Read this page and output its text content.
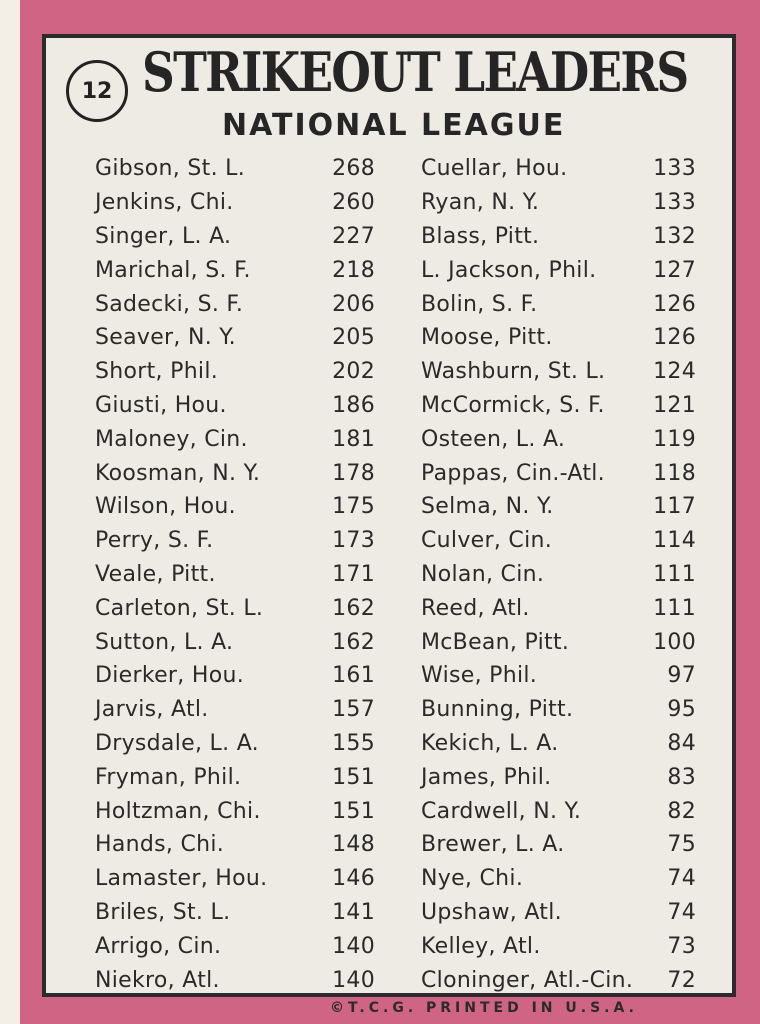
12 STRIKEOUT LEADERS
NATIONAL LEAGUE
Gibson, St. L.	268
Jenkins, Chi.	260
Singer, L. A.	227
Marichal, S. F.	218
Sadecki, S. F.	206
Seaver, N. Y.	205
Short, Phil.	202
Giusti, Hou.	186
Maloney, Cin.	181
Koosman, N. Y.	178
Wilson, Hou.	175
Perry, S. F.	173
Veale, Pitt.	171
Carleton, St. L.	162
Sutton, L. A.	162
Dierker, Hou.	161
Jarvis, Atl.	157
Drysdale, L. A.	155
Fryman, Phil.	151
Holtzman, Chi.	151
Hands, Chi.	148
Lamaster, Hou.	146
Briles, St. L.	141
Arrigo, Cin.	140
Niekro, Atl.	140
Cuellar, Hou.	133
Ryan, N. Y.	133
Blass, Pitt.	132
L. Jackson, Phil.	127
Bolin, S. F.	126
Moose, Pitt.	126
Washburn, St. L. 124
McCormick, S. F. 121
Osteen, L. A.	119
Pappas, Cin.-Atl. 118
Selma, N. Y.	117
Culver, Cin.	114
Nolan, Cin.	111
Reed, Atl.	111
McBean, Pitt.	100
Wise, Phil.	97
Bunning, Pitt.	95
Kekich, L. A.	84
James, Phil.	83
Cardwell, N. Y.	82
Brewer, L. A.	75
Nye, Chi.	74
Upshaw, Atl.	74
Kelley, Atl.	73
Cloninger, Atl.-Cin. 72
©T.C.G. PRINTED IN U.S.A.
